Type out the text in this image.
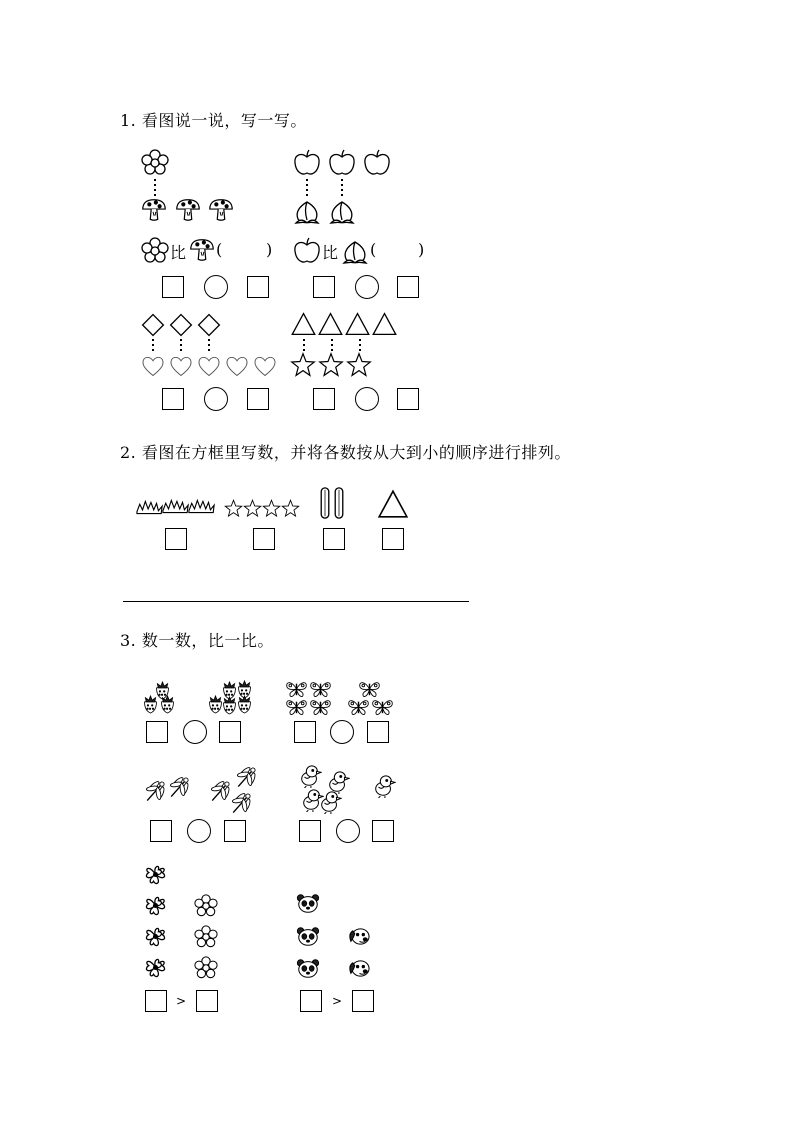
1. 看图说一说，写一写。
比 (	)	比 (	)
2. 看图在方框里写数，并将各数按从大到小的顺序进行排列。
3. 数一数，比一比。
>	>
